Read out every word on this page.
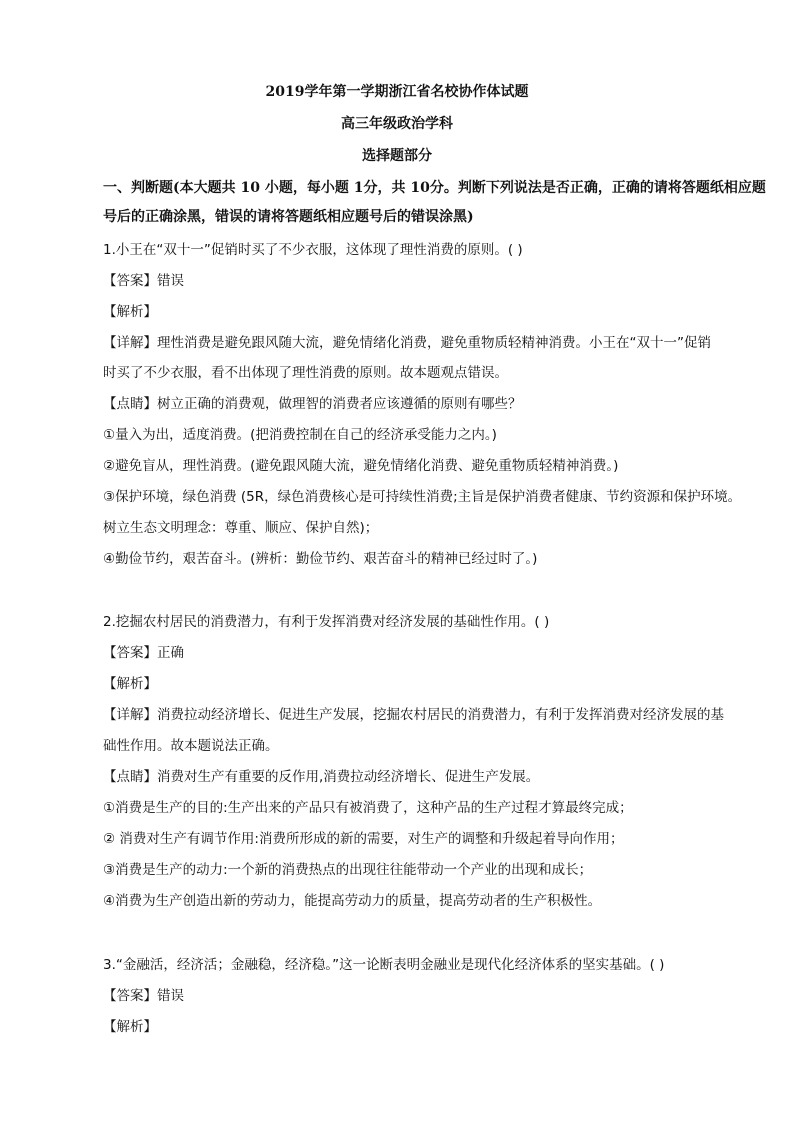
2019学年第一学期浙江省名校协作体试题
高三年级政治学科
选择题部分
一、判断题(本大题共 10 小题，每小题 1分，共 10分。判断下列说法是否正确，正确的请将答题纸相应题
号后的正确涂黑，错误的请将答题纸相应题号后的错误涂黑)
1.小王在“双十一”促销时买了不少衣服，这体现了理性消费的原则。( )
【答案】错误
【解析】
【详解】理性消费是避免跟风随大流，避免情绪化消费，避免重物质轻精神消费。小王在“双十一”促销
时买了不少衣服，看不出体现了理性消费的原则。故本题观点错误。
【点睛】树立正确的消费观，做理智的消费者应该遵循的原则有哪些？
①量入为出，适度消费。(把消费控制在自己的经济承受能力之内。)
②避免盲从，理性消费。(避免跟风随大流，避免情绪化消费、避免重物质轻精神消费。)
③保护环境，绿色消费 (5R，绿色消费核心是可持续性消费;主旨是保护消费者健康、节约资源和保护环境。
树立生态文明理念：尊重、顺应、保护自然)；
④勤俭节约，艰苦奋斗。(辨析：勤俭节约、艰苦奋斗的精神已经过时了。)
2.挖掘农村居民的消费潜力，有利于发挥消费对经济发展的基础性作用。( )
【答案】正确
【解析】
【详解】消费拉动经济增长、促进生产发展，挖掘农村居民的消费潜力，有利于发挥消费对经济发展的基
础性作用。故本题说法正确。
【点睛】消费对生产有重要的反作用,消费拉动经济增长、促进生产发展。
①消费是生产的目的:生产出来的产品只有被消费了，这种产品的生产过程才算最终完成；
② 消费对生产有调节作用:消费所形成的新的需要，对生产的调整和升级起着导向作用；
③消费是生产的动力:一个新的消费热点的出现往往能带动一个产业的出现和成长；
④消费为生产创造出新的劳动力，能提高劳动力的质量，提高劳动者的生产积极性。
3.“金融活，经济活；金融稳，经济稳。”这一论断表明金融业是现代化经济体系的坚实基础。( )
【答案】错误
【解析】
